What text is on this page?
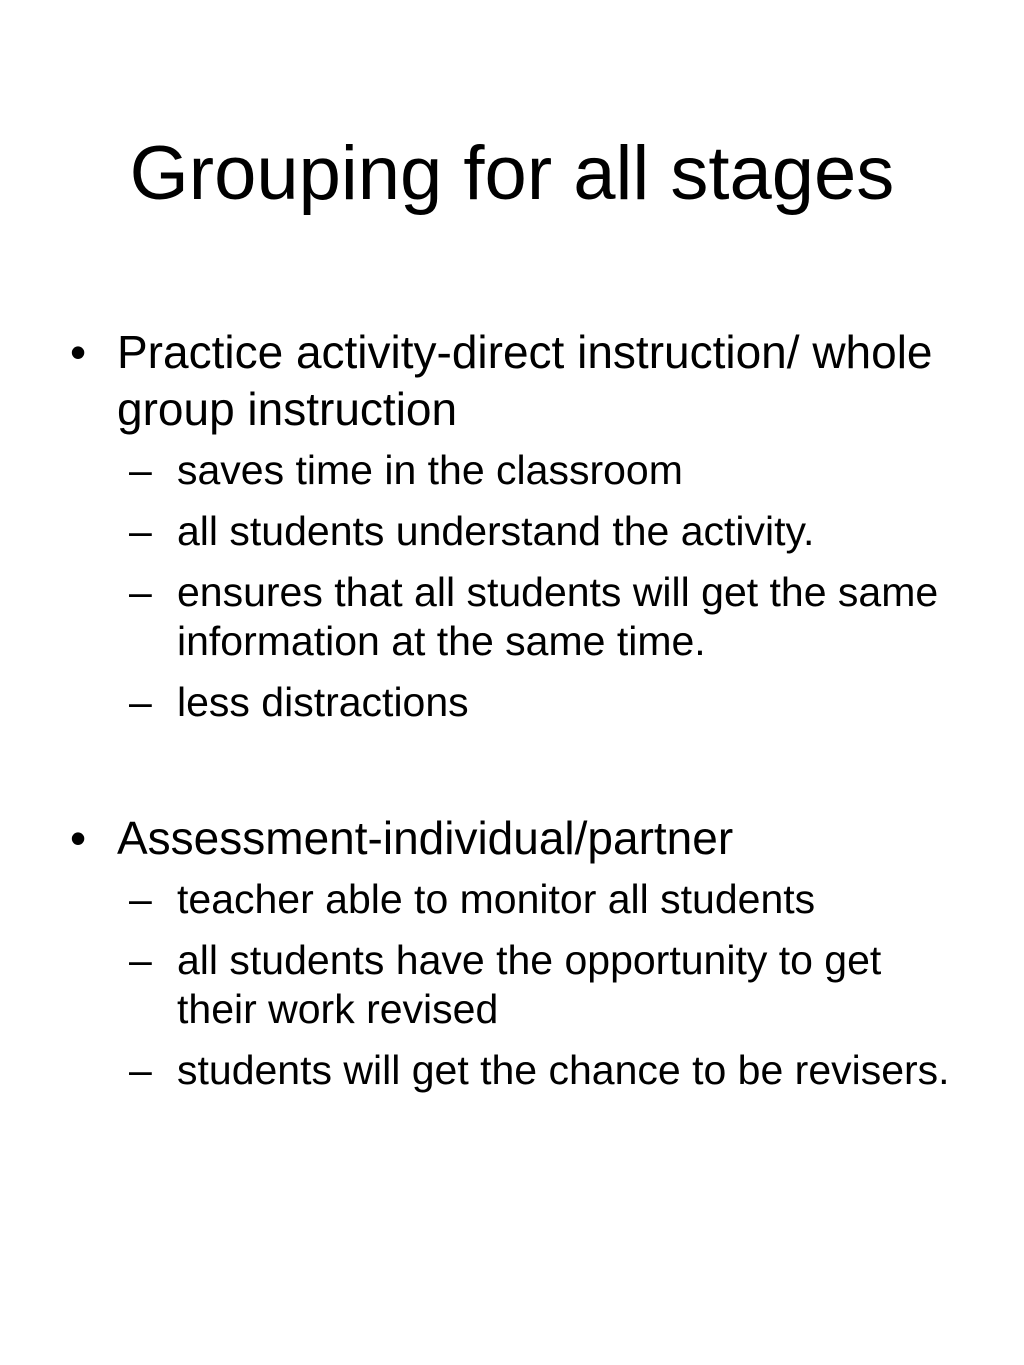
Grouping for all stages
• Practice activity-direct instruction/ whole group instruction
– saves time in the classroom
– all students understand the activity.
– ensures that all students will get the same information at the same time.
– less distractions
• Assessment-individual/partner
– teacher able to monitor all students
– all students have the opportunity to get their work revised
– students will get the chance to be revisers.
